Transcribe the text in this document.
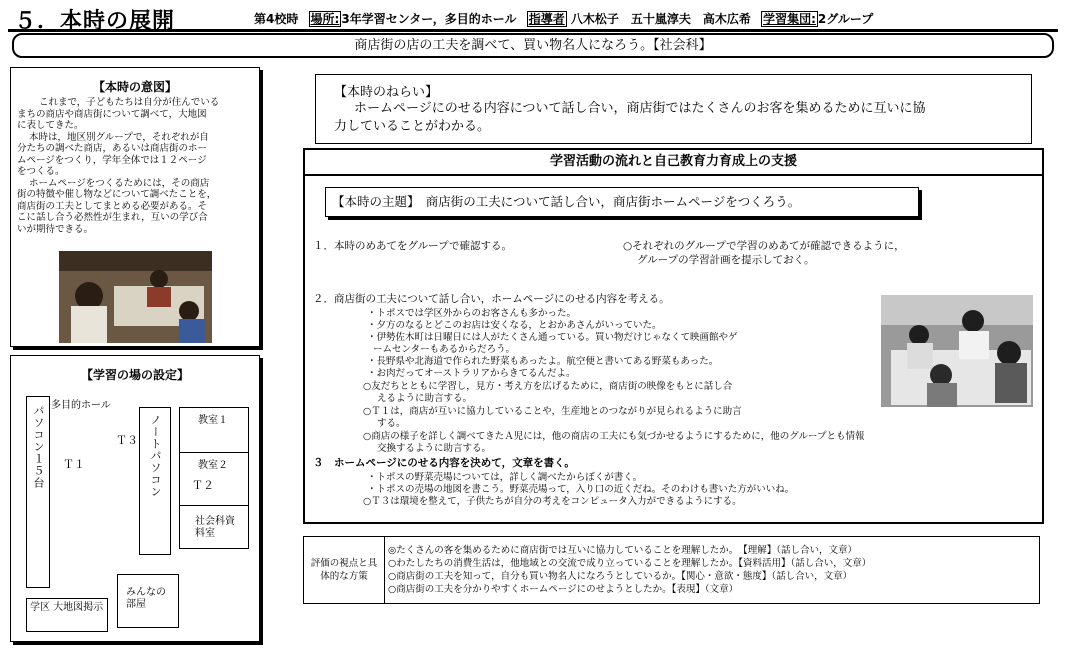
５．本時の展開	第4校時 場所: 3年学習センター，多目的ホール 指導者 八木松子　五十嵐淳夫　高木広希 学習集団: 2グループ
商店街の店の工夫を調べて、買い物名人になろう。【社会科】
【本時の意図】
これまで，子どもたちは自分が住んでいる
まちの商店や商店街について調べて，大地図
に表してきた。
本時は，地区別グループで，それぞれが自
分たちの調べた商店，あるいは商店街のホー
ムページをつくり，学年全体では１２ページ
をつくる。
ホームページをつくるためには，その商店
街の特徴や催し物などについて調べたことを，
商店街の工夫としてまとめる必要がある。そ
こに話し合う必然性が生まれ，互いの学び合
いが期待できる。
【学習の場の設定】
多目的ホール
パソコン１５台 Ｔ１
Ｔ３ ノートパソコン	教室１
教室２
Ｔ２
社会科資料室
みんなの部屋
学区 大地図掲示
【本時のねらい】
ホームページにのせる内容について話し合い，商店街ではたくさんのお客を集めるために互いに協
力していることがわかる。
学習活動の流れと自己教育力育成上の支援
【本時の主題】　商店街の工夫について話し合い，商店街ホームページをつくろう。
１．本時のめあてをグループで確認する。	○それぞれのグループで学習のめあてが確認できるように，
グループの学習計画を提示しておく。
２．商店街の工夫について話し合い，ホームページにのせる内容を考える。
・トポスでは学区外からのお客さんも多かった。
・夕方のなるとどこのお店は安くなる，とおかあさんがいっていた。
・伊勢佐木町は日曜日には人がたくさん通っている。買い物だけじゃなくて映画館やゲ
ームセンターもあるからだろう。
・長野県や北海道で作られた野菜もあったよ。航空便と書いてある野菜もあった。
・お肉だってオーストラリアからきてるんだよ。
○友だちとともに学習し，見方・考え方を広げるために，商店街の映像をもとに話し合
えるように助言する。
○Ｔ１は，商店が互いに協力していることや，生産地とのつながりが見られるように助言
する。
○商店の様子を詳しく調べてきたＡ児には，他の商店の工夫にも気づかせるようにするために，他のグループとも情報
交換するように助言する。
３　ホームページにのせる内容を決めて，文章を書く。
・トポスの野菜売場については，詳しく調べたからぼくが書く。
・トポスの売場の地図を書こう。野菜売場って，入り口の近くだね。そのわけも書いた方がいいね。
○Ｔ３は環境を整えて，子供たちが自分の考えをコンピュータ入力ができるようにする。
評価の視点と具体的な方策	
◎たくさんの客を集めるために商店街では互いに協力していることを理解したか。　【理解】（話し合い，文章）
○わたしたちの消費生活は，他地域との交流で成り立っていることを理解したか。【資料活用】（話し合い，文章）
○商店街の工夫を知って，自分も買い物名人になろうとしているか。【関心・意欲・態度】（話し合い，文章）
○商店街の工夫を分かりやすくホームページにのせようとしたか。【表現】（文章）
